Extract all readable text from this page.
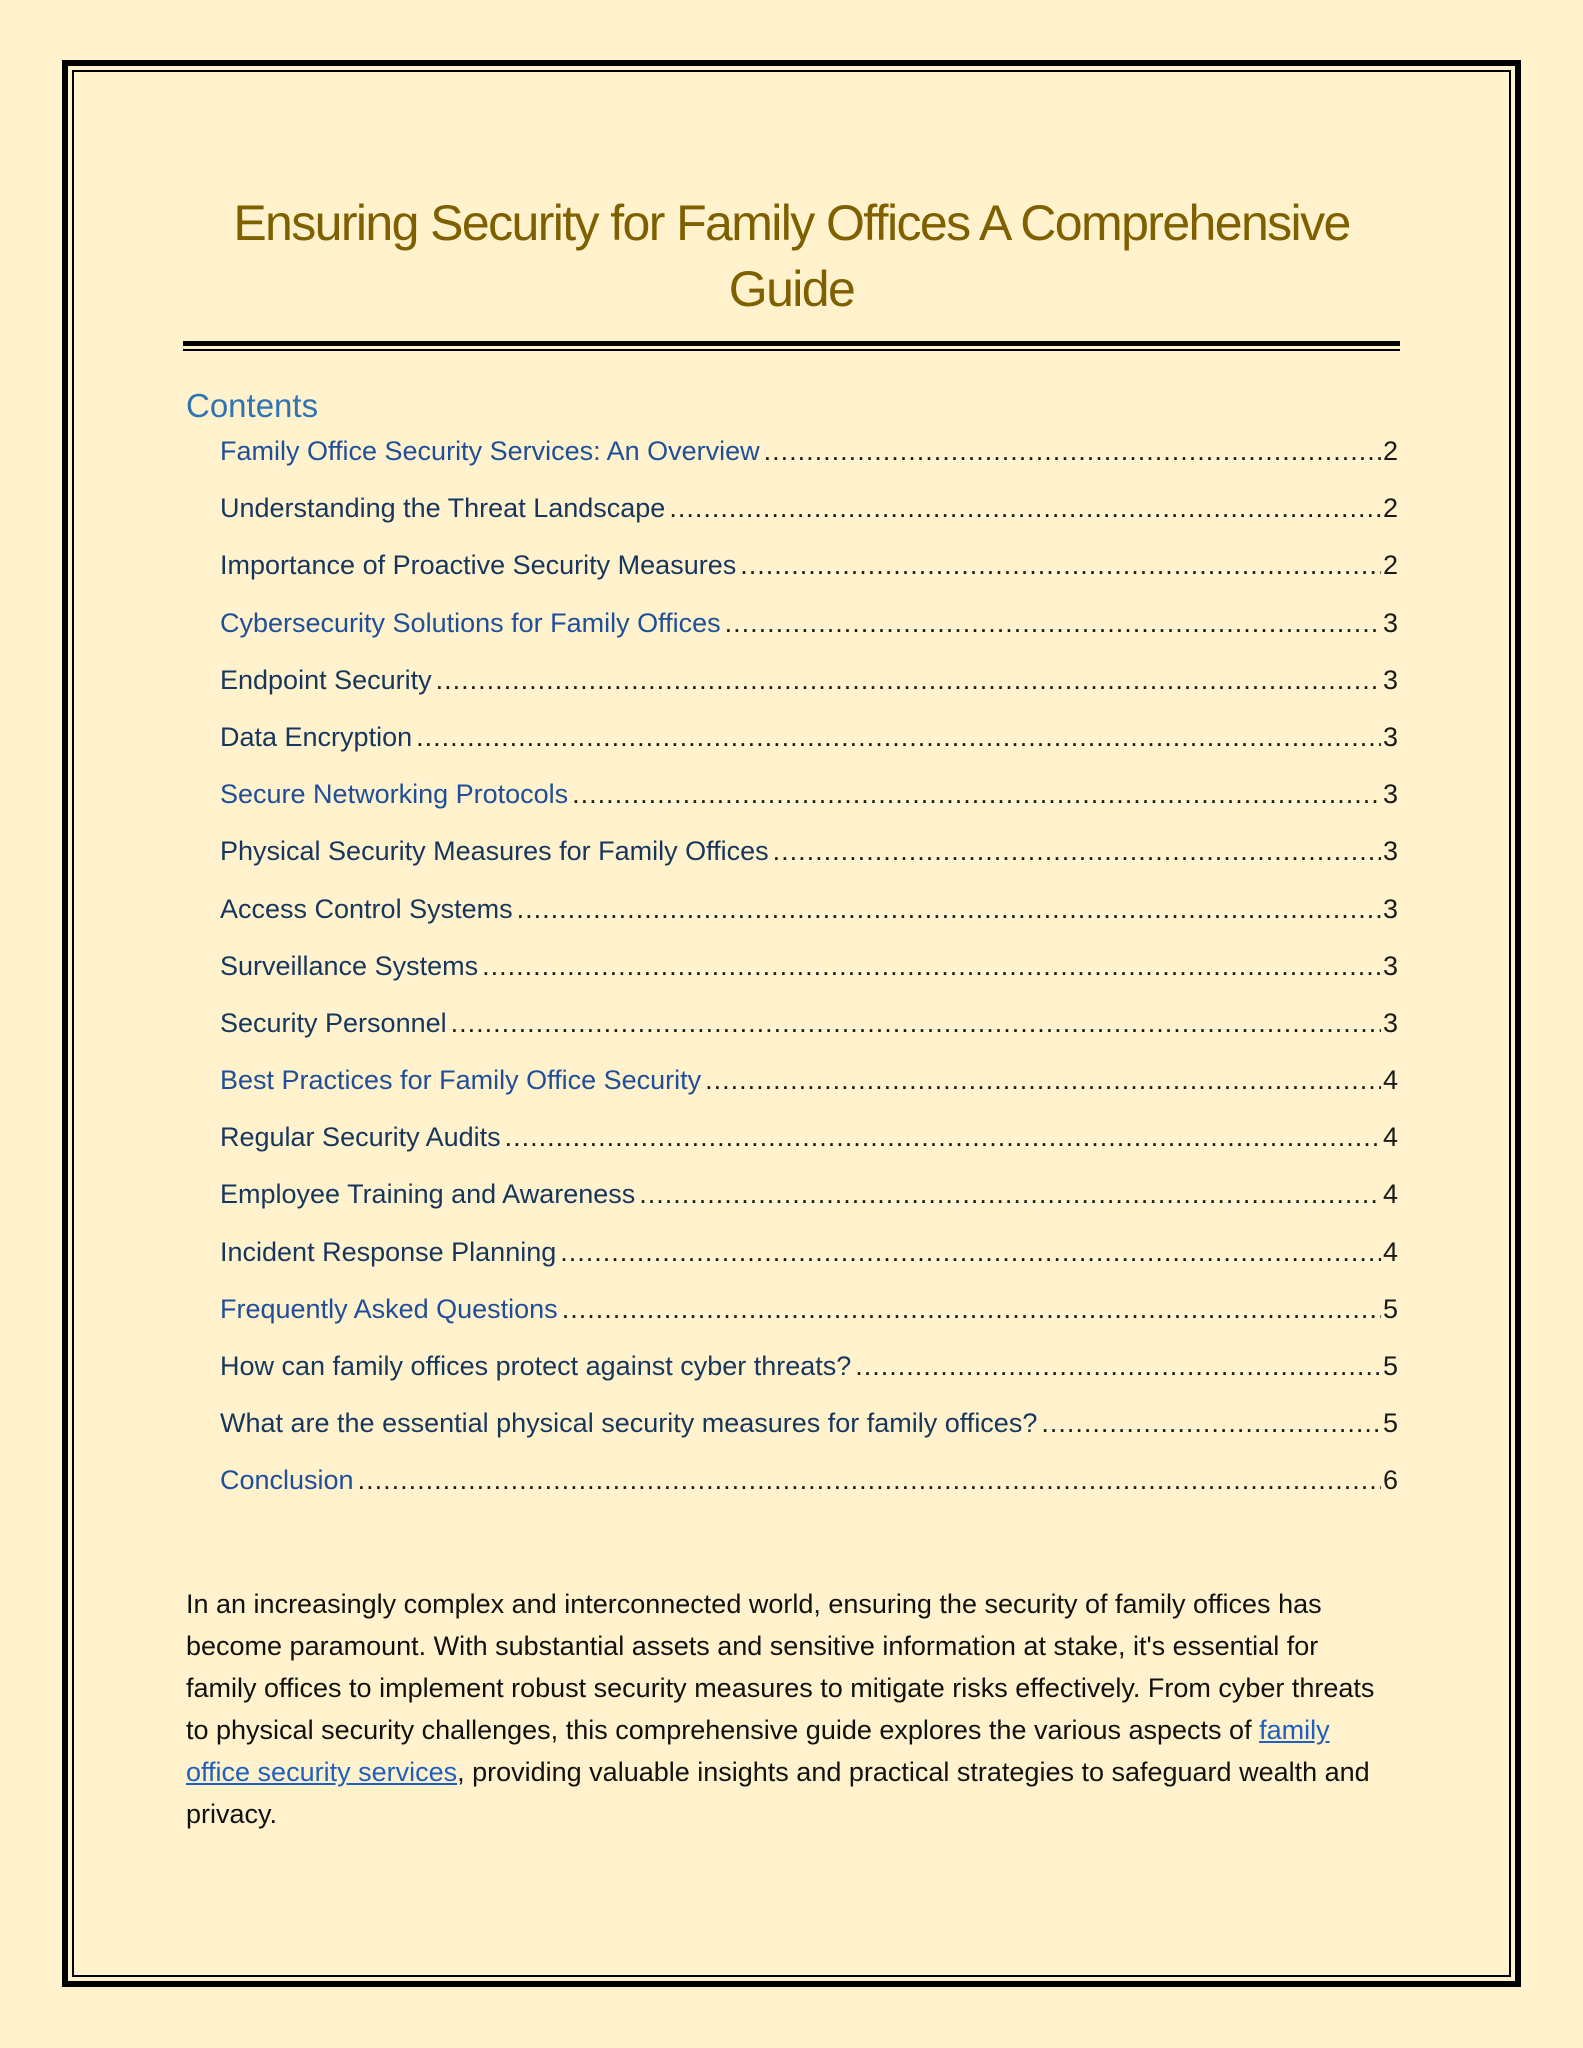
Ensuring Security for Family Offices A Comprehensive Guide
Contents
Family Office Security Services: An Overview .....	2
Understanding the Threat Landscape .....	2
Importance of Proactive Security Measures .....	2
Cybersecurity Solutions for Family Offices .....	3
Endpoint Security .....	3
Data Encryption .....	3
Secure Networking Protocols .....	3
Physical Security Measures for Family Offices .....	3
Access Control Systems .....	3
Surveillance Systems .....	3
Security Personnel .....	3
Best Practices for Family Office Security .....	4
Regular Security Audits .....	4
Employee Training and Awareness .....	4
Incident Response Planning .....	4
Frequently Asked Questions .....	5
How can family offices protect against cyber threats? .....	5
What are the essential physical security measures for family offices? .....	5
Conclusion .....	6

In an increasingly complex and interconnected world, ensuring the security of family offices has become paramount. With substantial assets and sensitive information at stake, it's essential for family offices to implement robust security measures to mitigate risks effectively. From cyber threats to physical security challenges, this comprehensive guide explores the various aspects of family office security services, providing valuable insights and practical strategies to safeguard wealth and privacy.
